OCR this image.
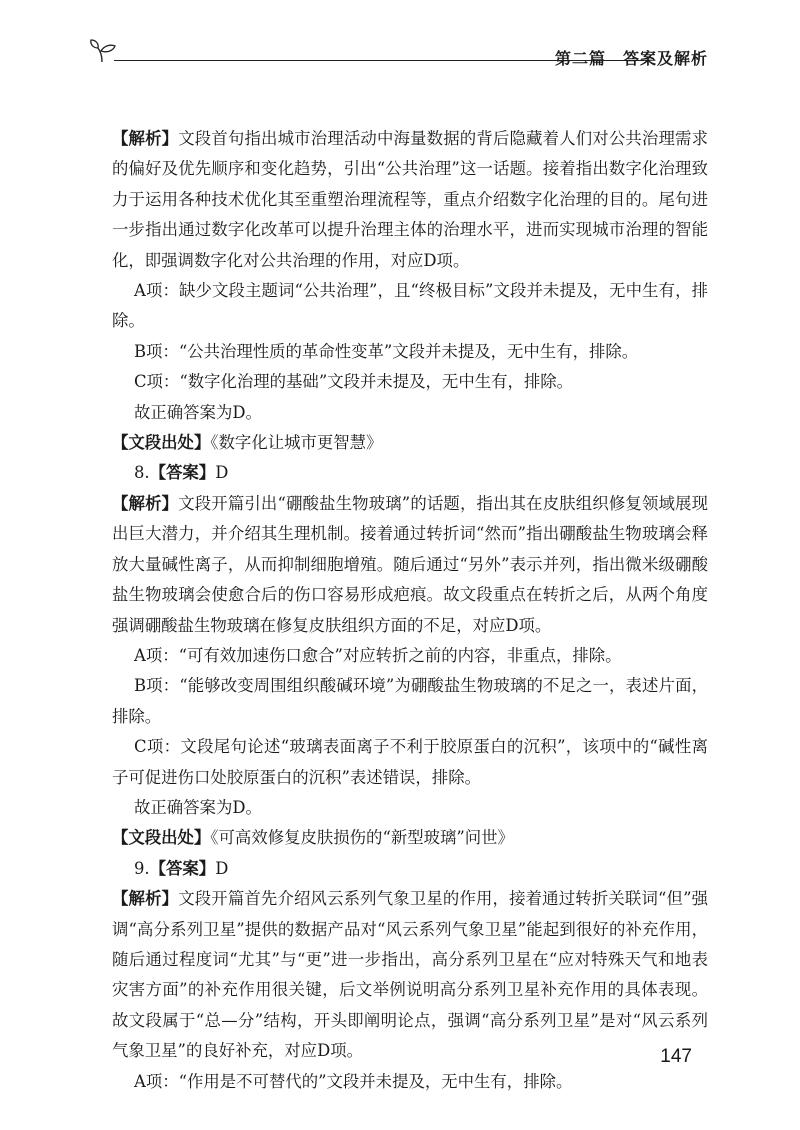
第二篇　答案及解析

【解析】文段首句指出城市治理活动中海量数据的背后隐藏着人们对公共治理需求的偏好及优先顺序和变化趋势，引出“公共治理”这一话题。接着指出数字化治理致力于运用各种技术优化其至重塑治理流程等，重点介绍数字化治理的目的。尾句进一步指出通过数字化改革可以提升治理主体的治理水平，进而实现城市治理的智能化，即强调数字化对公共治理的作用，对应D项。

A项：缺少文段主题词“公共治理”，且“终极目标”文段并未提及，无中生有，排除。

B项：“公共治理性质的革命性变革”文段并未提及，无中生有，排除。

C项：“数字化治理的基础”文段并未提及，无中生有，排除。

故正确答案为D。

【文段出处】《数字化让城市更智慧》

8.【答案】D

【解析】文段开篇引出“硼酸盐生物玻璃”的话题，指出其在皮肤组织修复领域展现出巨大潜力，并介绍其生理机制。接着通过转折词“然而”指出硼酸盐生物玻璃会释放大量碱性离子，从而抑制细胞增殖。随后通过“另外”表示并列，指出微米级硼酸盐生物玻璃会使愈合后的伤口容易形成疤痕。故文段重点在转折之后，从两个角度强调硼酸盐生物玻璃在修复皮肤组织方面的不足，对应D项。

A项：“可有效加速伤口愈合”对应转折之前的内容，非重点，排除。

B项：“能够改变周围组织酸碱环境”为硼酸盐生物玻璃的不足之一，表述片面，排除。

C项：文段尾句论述“玻璃表面离子不利于胶原蛋白的沉积”，该项中的“碱性离子可促进伤口处胶原蛋白的沉积”表述错误，排除。

故正确答案为D。

【文段出处】《可高效修复皮肤损伤的“新型玻璃”问世》

9.【答案】D

【解析】文段开篇首先介绍风云系列气象卫星的作用，接着通过转折关联词“但”强调“高分系列卫星”提供的数据产品对“风云系列气象卫星”能起到很好的补充作用，随后通过程度词“尤其”与“更”进一步指出，高分系列卫星在“应对特殊天气和地表灾害方面”的补充作用很关键，后文举例说明高分系列卫星补充作用的具体表现。故文段属于“总—分”结构，开头即阐明论点，强调“高分系列卫星”是对“风云系列气象卫星”的良好补充，对应D项。

A项：“作用是不可替代的”文段并未提及，无中生有，排除。

147
